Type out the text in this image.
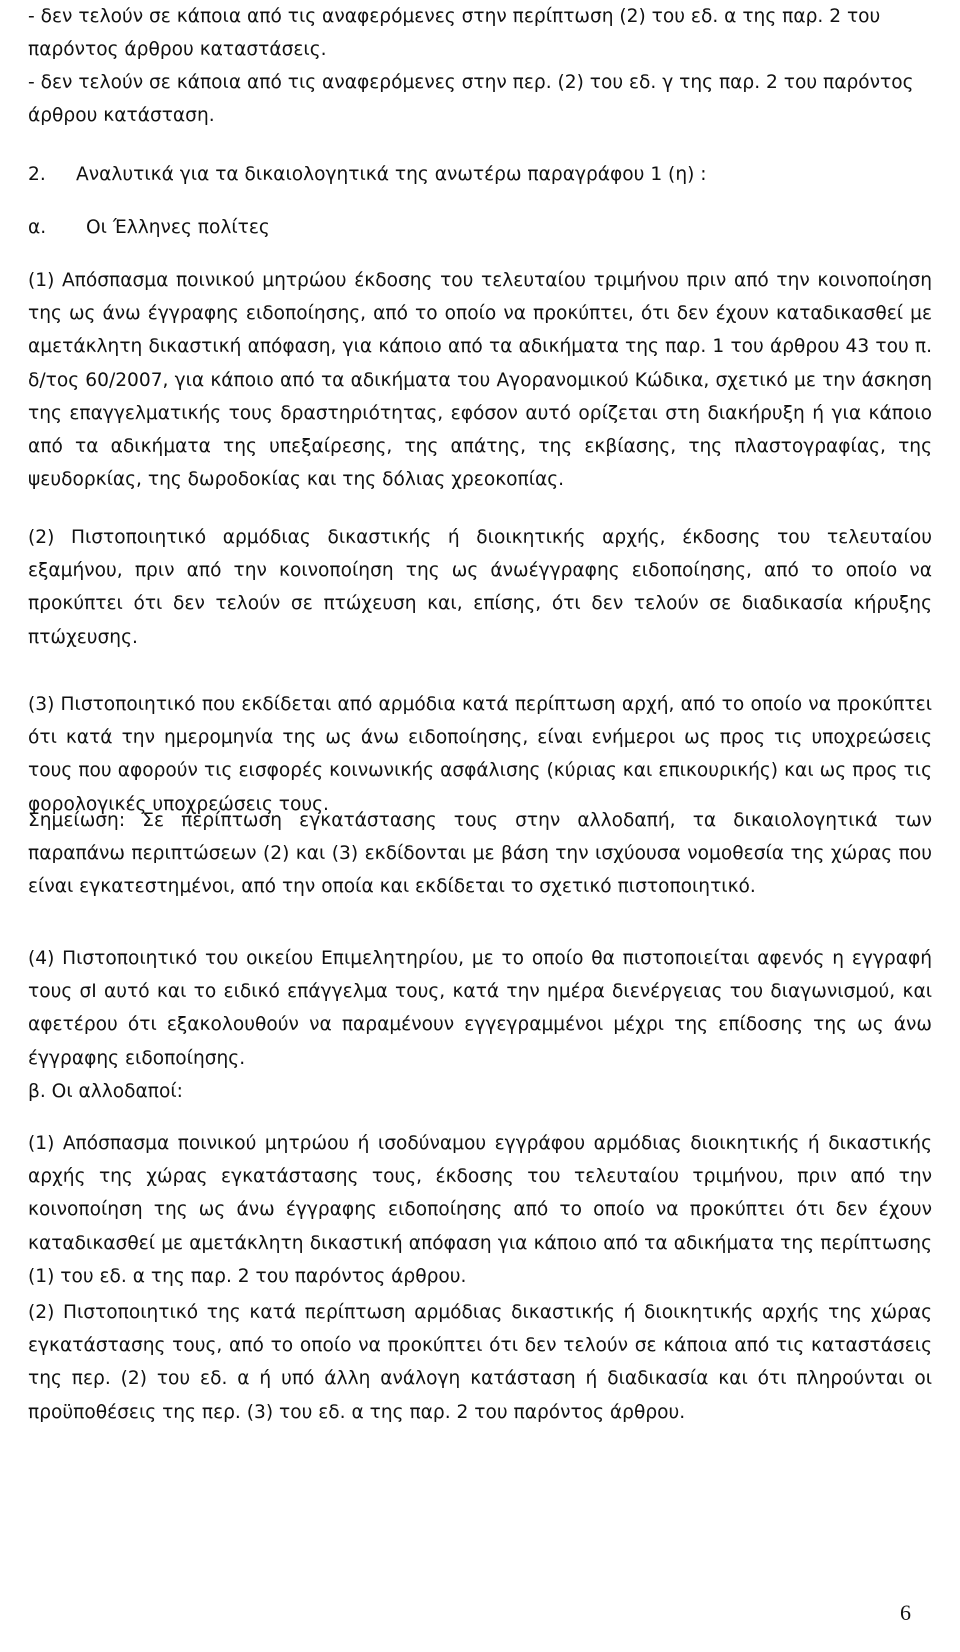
- δεν τελούν σε κάποια από τις αναφερόμενες στην περίπτωση (2) του εδ. α της παρ. 2 του παρόντος άρθρου καταστάσεις.

- δεν τελούν σε κάποια από τις αναφερόμενες στην περ. (2) του εδ. γ της παρ. 2 του παρόντος άρθρου κατάσταση.

2. Αναλυτικά για τα δικαιολογητικά της ανωτέρω παραγράφου 1 (η) :

α. Οι Έλληνες πολίτες

(1) Απόσπασμα ποινικού μητρώου έκδοσης του τελευταίου τριμήνου πριν από την κοινοποίηση της ως άνω έγγραφης ειδοποίησης, από το οποίο να προκύπτει, ότι δεν έχουν καταδικασθεί με αμετάκλητη δικαστική απόφαση, για κάποιο από τα αδικήματα της παρ. 1 του άρθρου 43 του π. δ/τος 60/2007, για κάποιο από τα αδικήματα του Αγορανομικού Κώδικα, σχετικό με την άσκηση της επαγγελματικής τους δραστηριότητας, εφόσον αυτό ορίζεται στη διακήρυξη ή για κάποιο από τα αδικήματα της υπεξαίρεσης, της απάτης, της εκβίασης, της πλαστογραφίας, της ψευδορκίας, της δωροδοκίας και της δόλιας χρεοκοπίας.

(2) Πιστοποιητικό αρμόδιας δικαστικής ή διοικητικής αρχής, έκδοσης του τελευταίου εξαμήνου, πριν από την κοινοποίηση της ως άνωέγγραφης ειδοποίησης, από το οποίο να προκύπτει ότι δεν τελούν σε πτώχευση και, επίσης, ότι δεν τελούν σε διαδικασία κήρυξης πτώχευσης.

(3) Πιστοποιητικό που εκδίδεται από αρμόδια κατά περίπτωση αρχή, από το οποίο να προκύπτει ότι κατά την ημερομηνία της ως άνω ειδοποίησης, είναι ενήμεροι ως προς τις υποχρεώσεις τους που αφορούν τις εισφορές κοινωνικής ασφάλισης (κύριας και επικουρικής) και ως προς τις φορολογικές υποχρεώσεις τους.

Σημείωση: Σε περίπτωση εγκατάστασης τους στην αλλοδαπή, τα δικαιολογητικά των παραπάνω περιπτώσεων (2) και (3) εκδίδονται με βάση την ισχύουσα νομοθεσία της χώρας που είναι εγκατεστημένοι, από την οποία και εκδίδεται το σχετικό πιστοποιητικό.

(4) Πιστοποιητικό του οικείου Επιμελητηρίου, με το οποίο θα πιστοποιείται αφενός η εγγραφή τους σI αυτό και το ειδικό επάγγελμα τους, κατά την ημέρα διενέργειας του διαγωνισμού, και αφετέρου ότι εξακολουθούν να παραμένουν εγγεγραμμένοι μέχρι της επίδοσης της ως άνω έγγραφης ειδοποίησης.

β. Οι αλλοδαποί:

(1) Απόσπασμα ποινικού μητρώου ή ισοδύναμου εγγράφου αρμόδιας διοικητικής ή δικαστικής αρχής της χώρας εγκατάστασης τους, έκδοσης του τελευταίου τριμήνου, πριν από την κοινοποίηση της ως άνω έγγραφης ειδοποίησης από το οποίο να προκύπτει ότι δεν έχουν καταδικασθεί με αμετάκλητη δικαστική απόφαση για κάποιο από τα αδικήματα της περίπτωσης (1) του εδ. α της παρ. 2 του παρόντος άρθρου.

(2) Πιστοποιητικό της κατά περίπτωση αρμόδιας δικαστικής ή διοικητικής αρχής της χώρας εγκατάστασης τους, από το οποίο να προκύπτει ότι δεν τελούν σε κάποια από τις καταστάσεις της περ. (2) του εδ. α ή υπό άλλη ανάλογη κατάσταση ή διαδικασία και ότι πληρούνται οι προϋποθέσεις της περ. (3) του εδ. α της παρ. 2 του παρόντος άρθρου.

6
